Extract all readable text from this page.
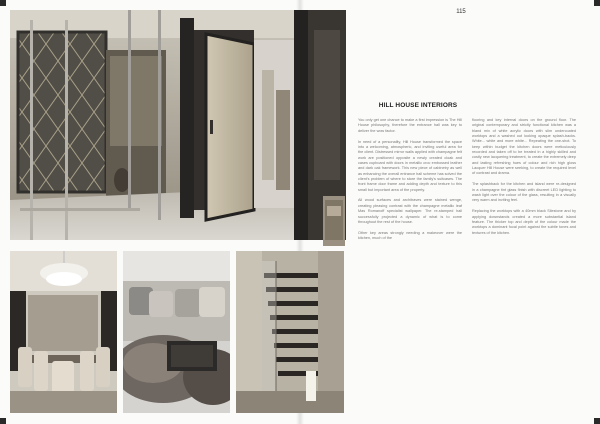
115
HILL HOUSE INTERIORS

You only get one chance to make a first impression is The Hill House philosophy, therefore the entrance hall was key to deliver the wow factor.

In need of a personality, Hill House transformed the space into a welcoming, atmospheric, and inviting useful area for the client. Distressed mirror walls applied with champagne felt work are positioned opposite a newly created cloak and cases cupboard with doors in metallic croc embossed leather and dark oak framework. This new piece of cabinetry as well as enhancing the overall entrance hall scheme has solved the client's problem of where to store the family's suitcases. The front frame door frame and adding depth and texture to this small but important area of the property.

All wood surfaces and architraves were stained wenge, creating pleasing contrast with the champagne metallic leaf Mas Romanoff specialist wallpaper. The re-stamped hall successfully projected a dynamic of what is to come throughout the rest of the house.

Other key areas strongly needing a makeover were the kitchen, much of the

flooring and key internal doors on the ground floor. The original contemporary and strictly functional kitchen was a bland mix of white acrylic doors with slim undercoated worktops and a washed out looking opaque splash-backs. White... white and more white... Repeating the one-shot. To keep within budget the kitchen doors were meticulously recorded and taken off to be treated in a highly skilled and costly new lacquering treatment, to create the extremely deep and lasting refreshing hues of colour and rich high gloss Lacquer Hill House were seeking, to create the required level of contrast and drama.

The splashback for the kitchen and island were re-designed in a champagne tint glass finish with discreet LED lighting to wash light over the colour of the glass, resulting in a visually very warm and inviting feel.

Replacing the worktops with a 40mm black Silestone and by applying downstands created a more substantial island feature. The thicker top and depth of the colour made the worktops a dominant focal point against the subtle tones and textures of the kitchen.
